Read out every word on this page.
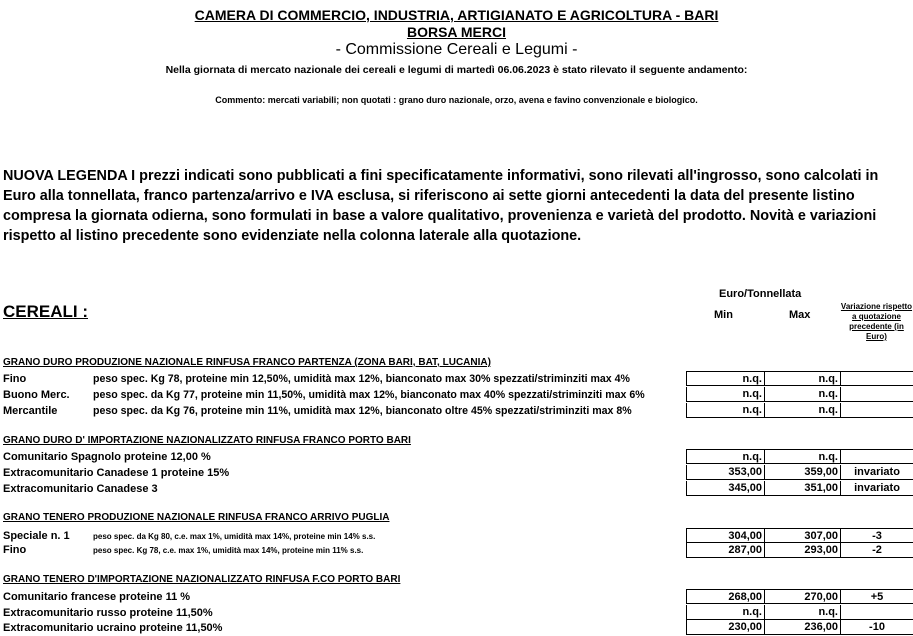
CAMERA DI COMMERCIO, INDUSTRIA, ARTIGIANATO E AGRICOLTURA - BARI
BORSA MERCI
- Commissione Cereali e Legumi -
Nella giornata di mercato nazionale dei cereali e legumi di martedì 06.06.2023 è stato rilevato il seguente andamento:
Commento: mercati variabili; non quotati : grano duro nazionale, orzo, avena e favino convenzionale e biologico.
NUOVA LEGENDA I prezzi indicati sono pubblicati a fini specificatamente informativi, sono rilevati all'ingrosso, sono calcolati in Euro alla tonnellata, franco partenza/arrivo e IVA esclusa, si riferiscono ai sette giorni antecedenti la data del presente listino compresa la giornata odierna, sono formulati in base a valore qualitativo, provenienza e varietà del prodotto. Novità e variazioni rispetto al listino precedente sono evidenziate nella colonna laterale alla quotazione.
CEREALI :
Euro/Tonnellata
Min	Max
Variazione rispetto a quotazione precedente (in Euro)
GRANO DURO PRODUZIONE NAZIONALE RINFUSA FRANCO PARTENZA (ZONA BARI, BAT, LUCANIA)
Fino	peso spec. Kg 78, proteine min 12,50%, umidità max 12%, bianconato max 30% spezzati/striminziti max 4%	n.q.	n.q.
Buono Merc. peso spec. da Kg 77, proteine min 11,50%, umidità max 12%, bianconato max 40% spezzati/striminziti max 6%	n.q.	n.q.
Mercantile	peso spec. da Kg 76, proteine min 11%, umidità max 12%, bianconato oltre 45% spezzati/striminziti max 8%	n.q.	n.q.
GRANO DURO D' IMPORTAZIONE NAZIONALIZZATO RINFUSA FRANCO PORTO BARI
Comunitario Spagnolo proteine 12,00 %	n.q.	n.q.
Extracomunitario Canadese 1 proteine 15%	353,00	359,00	invariato
Extracomunitario Canadese 3	345,00	351,00	invariato
GRANO TENERO PRODUZIONE NAZIONALE RINFUSA FRANCO ARRIVO PUGLIA
Speciale n. 1	peso spec. da Kg 80, c.e. max 1%, umidità max 14%, proteine min 14% s.s.	304,00	307,00	-3
Fino	peso spec. Kg 78, c.e. max 1%, umidità max 14%, proteine min 11% s.s.	287,00	293,00	-2
GRANO TENERO D'IMPORTAZIONE NAZIONALIZZATO RINFUSA F.CO PORTO BARI
Comunitario francese proteine 11 %	268,00	270,00	+5
Extracomunitario russo proteine 11,50%	n.q.	n.q.
Extracomunitario ucraino proteine 11,50%	230,00	236,00	-10
